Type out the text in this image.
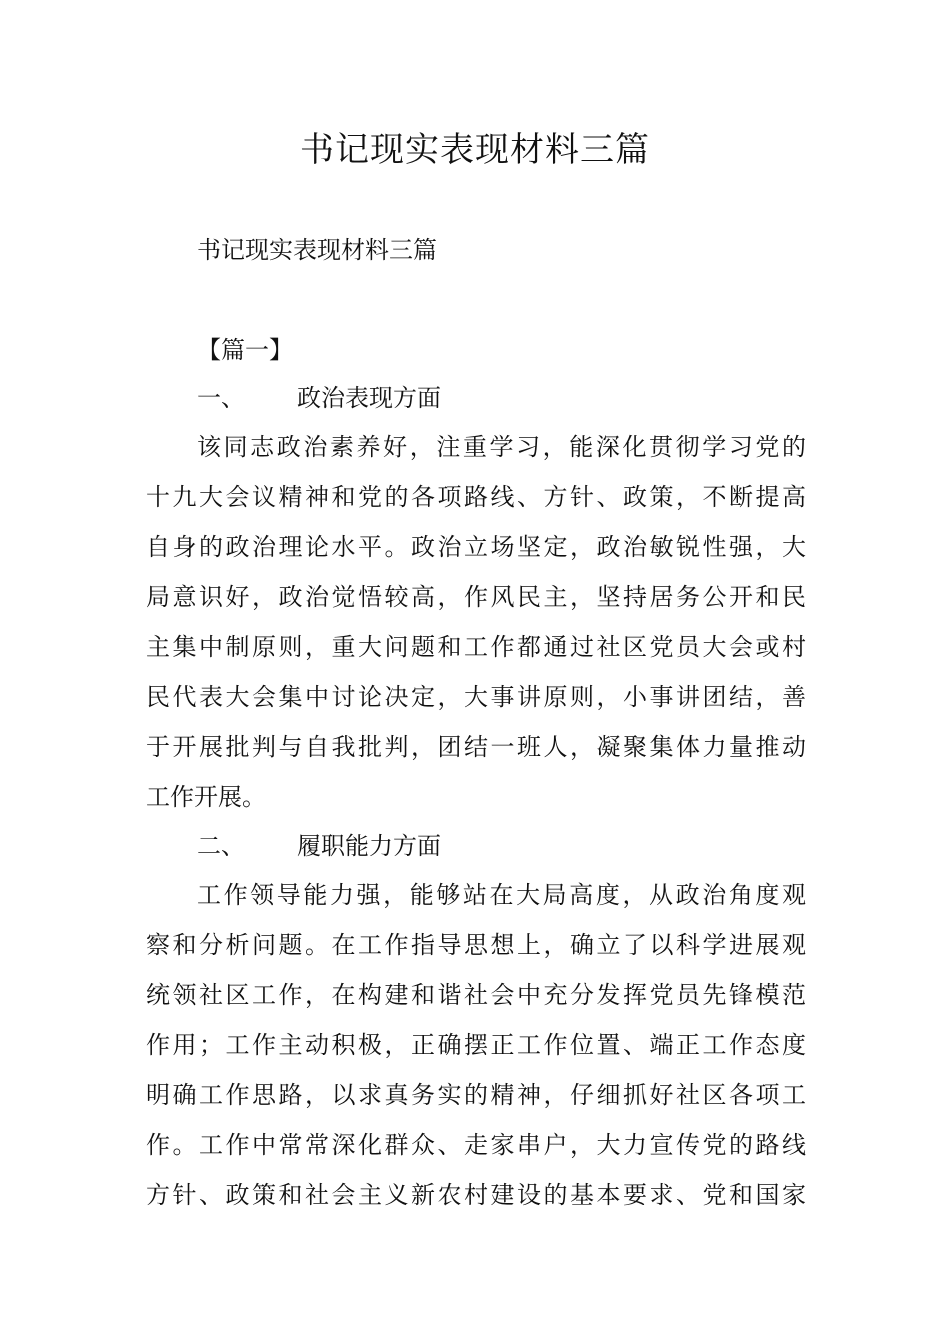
书记现实表现材料三篇
书记现实表现材料三篇
【篇一】
一、 政治表现方面
该同志政治素养好，注重学习，能深化贯彻学习党的
十九大会议精神和党的各项路线、方针、政策，不断提高
自身的政治理论水平。政治立场坚定，政治敏锐性强，大
局意识好，政治觉悟较高，作风民主，坚持居务公开和民
主集中制原则，重大问题和工作都通过社区党员大会或村
民代表大会集中讨论决定，大事讲原则，小事讲团结，善
于开展批判与自我批判，团结一班人，凝聚集体力量推动
工作开展。
二、 履职能力方面
工作领导能力强，能够站在大局高度，从政治角度观
察和分析问题。在工作指导思想上，确立了以科学进展观
统领社区工作，在构建和谐社会中充分发挥党员先锋模范
作用；工作主动积极，正确摆正工作位置、端正工作态度
明确工作思路，以求真务实的精神，仔细抓好社区各项工
作。工作中常常深化群众、走家串户，大力宣传党的路线
方针、政策和社会主义新农村建设的基本要求、党和国家
